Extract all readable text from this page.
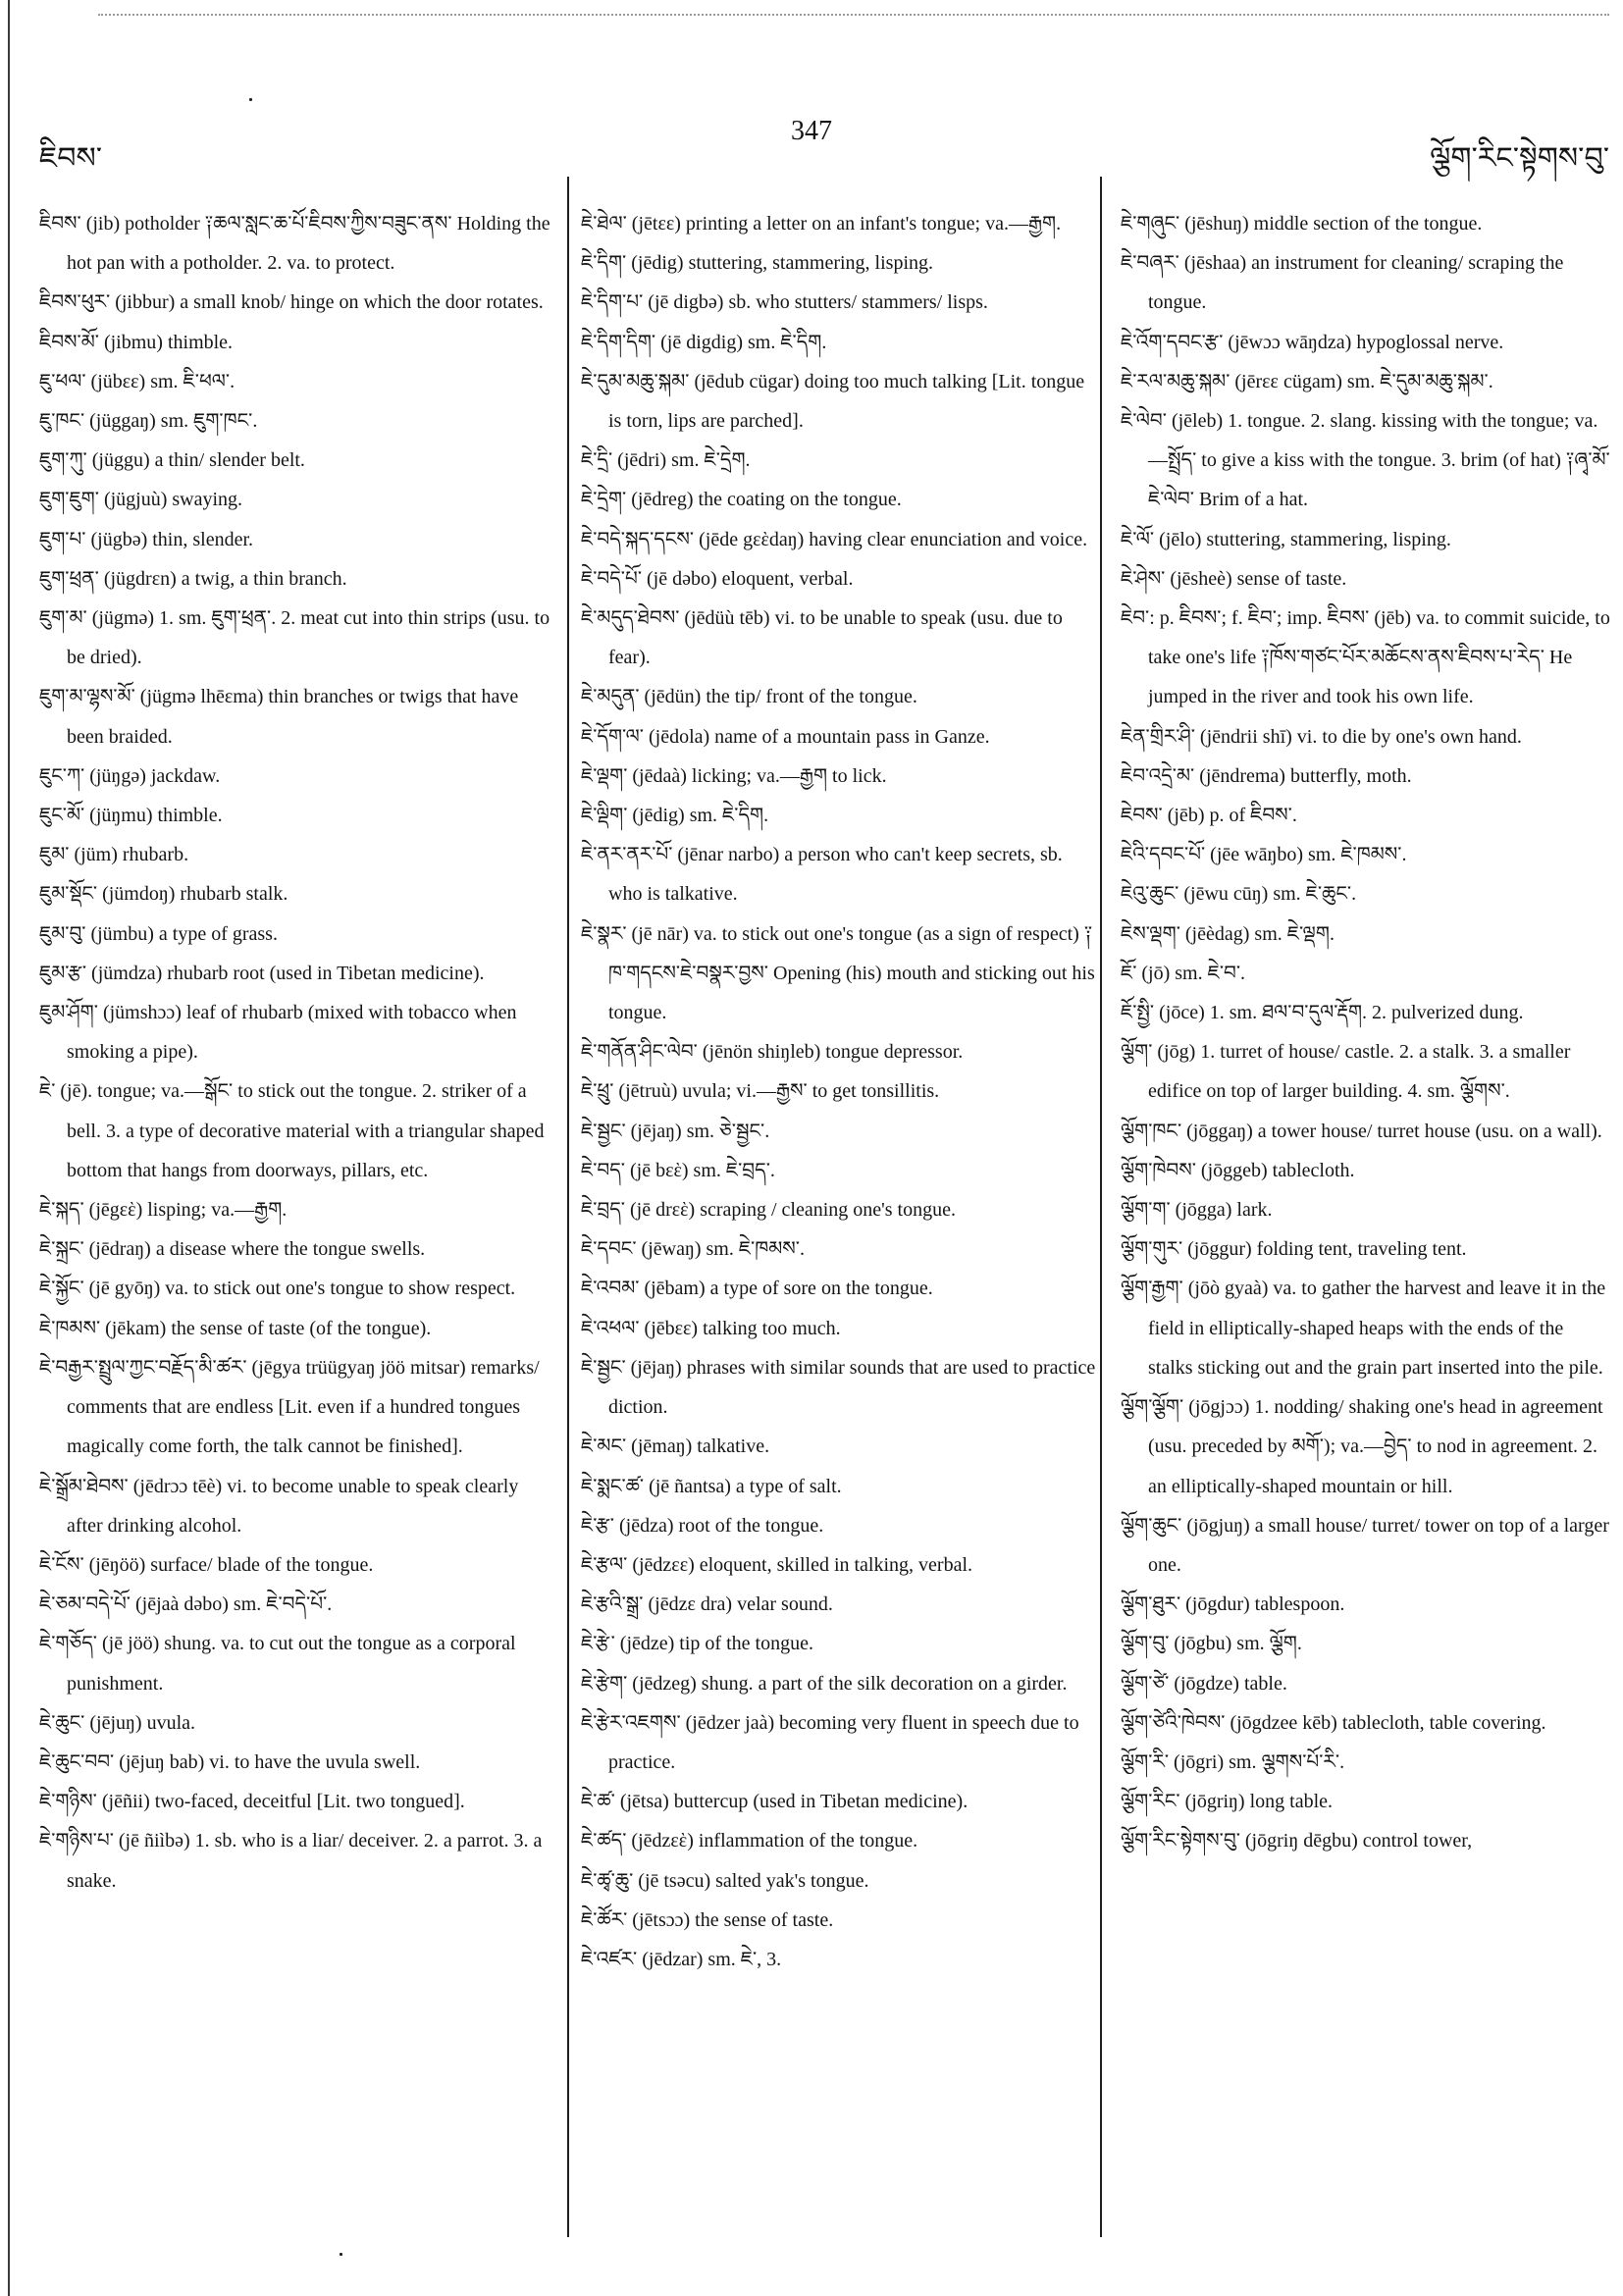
ཇིབས་
347
ལྕོག་རིང་སྟེགས་བུ་

ཇིབས་ (jib) potholder ༑ཆལ་སླང་ཆ་པོ་ཇིབས་ཀྱིས་བཟུང་ནས་ Holding the hot pan with a potholder. 2. va. to protect.

ཇིབས་ཕུར་ (jibbur) a small knob/ hinge on which the door rotates.

ཇིབས་མོ་ (jibmu) thimble.

ཇུ་ཕལ་ (jübεε) sm. ཇི་ཕལ་.

ཇུ་ཁང་ (jüggaŋ) sm. ཇུག་ཁང་.

ཇུག་ཀུ་ (jüggu) a thin/ slender belt.

ཇུག་ཇུག་ (jügjuù) swaying.

ཇུག་པ་ (jügbə) thin, slender.

ཇུག་ཕྲན་ (jügdrεn) a twig, a thin branch.

ཇུག་མ་ (jügmə) 1. sm. ཇུག་ཕྲན་. 2. meat cut into thin strips (usu. to be dried).

ཇུག་མ་ལྷས་མོ་ (jügmə lhēεma) thin branches or twigs that have been braided.

ཇུང་ཀ་ (jüŋgə) jackdaw.

ཇུང་མོ་ (jüŋmu) thimble.

ཇུམ་ (jüm) rhubarb.

ཇུམ་སྡོང་ (jümdoŋ) rhubarb stalk.

ཇུམ་བུ་ (jümbu) a type of grass.

ཇུམ་རྩ་ (jümdza) rhubarb root (used in Tibetan medicine).

ཇུམ་ཤོག་ (jümshɔɔ) leaf of rhubarb (mixed with tobacco when smoking a pipe).

ཇེ་ (jē). tongue; va.—སྒོང་ to stick out the tongue. 2. striker of a bell. 3. a type of decorative material with a triangular shaped bottom that hangs from doorways, pillars, etc.

ཇེ་སྐད་ (jēgεὲ) lisping; va.—རྒྱག.

ཇེ་སྐྲང་ (jēdraŋ) a disease where the tongue swells.

ཇེ་སྐྱོང་ (jē gyōŋ) va. to stick out one's tongue to show respect.

ཇེ་ཁམས་ (jēkam) the sense of taste (of the tongue).

ཇེ་བརྒྱར་སྤྲུལ་ཀྱང་བརྗོད་མི་ཚར་ (jēgya trüügyaŋ jöö mitsar) remarks/ comments that are endless [Lit. even if a hundred tongues magically come forth, the talk cannot be finished].

ཇེ་སྒྲོམ་ཐེབས་ (jēdrɔɔ tēè) vi. to become unable to speak clearly after drinking alcohol.

ཇེ་ངོས་ (jēŋöö) surface/ blade of the tongue.

ཇེ་ཅམ་བདེ་པོ་ (jējaà dəbo) sm. ཇེ་བདེ་པོ་.

ཇེ་གཅོད་ (jē jöö) shung. va. to cut out the tongue as a corporal punishment.

ཇེ་ཆུང་ (jējuŋ) uvula.

ཇེ་ཆུང་བབ་ (jējuŋ bab) vi. to have the uvula swell.

ཇེ་གཉིས་ (jēñii) two-faced, deceitful [Lit. two tongued].

ཇེ་གཉིས་པ་ (jē ñiìbə) 1. sb. who is a liar/ deceiver. 2. a parrot. 3. a snake.

ཇེ་ཐེལ་ (jētεε) printing a letter on an infant's tongue; va.—རྒྱག.

ཇེ་དིག་ (jēdig) stuttering, stammering, lisping.

ཇེ་དིག་པ་ (jē digbə) sb. who stutters/ stammers/ lisps.

ཇེ་དིག་དིག་ (jē digdig) sm. ཇེ་དིག.

ཇེ་དུམ་མཆུ་སྐམ་ (jēdub cügar) doing too much talking [Lit. tongue is torn, lips are parched].

ཇེ་དྲི་ (jēdri) sm. ཇེ་དྲེག.

ཇེ་དྲེག་ (jēdreg) the coating on the tongue.

ཇེ་བདེ་སྐད་དངས་ (jēde gεὲdaŋ) having clear enunciation and voice.

ཇེ་བདེ་པོ་ (jē dəbo) eloquent, verbal.

ཇེ་མདུད་ཐེབས་ (jēdüù tēb) vi. to be unable to speak (usu. due to fear).

ཇེ་མདུན་ (jēdün) the tip/ front of the tongue.

ཇེ་དོག་ལ་ (jēdola) name of a mountain pass in Ganze.

ཇེ་ལྡག་ (jēdaà) licking; va.—རྒྱག to lick.

ཇེ་ལྡིག་ (jēdig) sm. ཇེ་དིག.

ཇེ་ནར་ནར་པོ་ (jēnar narbo) a person who can't keep secrets, sb. who is talkative.

ཇེ་སྣར་ (jē nār) va. to stick out one's tongue (as a sign of respect) ༑ཁ་གདངས་ཇེ་བསྣར་བྱས་ Opening (his) mouth and sticking out his tongue.

ཇེ་གནོན་ཤིང་ལེབ་ (jēnön shiŋleb) tongue depressor.

ཇེ་ཕྲུ་ (jētruù) uvula; vi.—རྒྱས་ to get tonsillitis.

ཇེ་སྦྱང་ (jējaŋ) sm. ཅེ་སྦྱང་.

ཇེ་བད་ (jē bεὲ) sm. ཇེ་བྲད་.

ཇེ་བྲད་ (jē drεὲ) scraping / cleaning one's tongue.

ཇེ་དབང་ (jēwaŋ) sm. ཇེ་ཁམས་.

ཇེ་འབམ་ (jēbam) a type of sore on the tongue.

ཇེ་འཕལ་ (jēbεε) talking too much.

ཇེ་སྦྱང་ (jējaŋ) phrases with similar sounds that are used to practice diction.

ཇེ་མང་ (jēmaŋ) talkative.

ཇེ་སྨང་ཚ་ (jē ñantsa) a type of salt.

ཇེ་རྩ་ (jēdza) root of the tongue.

ཇེ་རྩལ་ (jēdzεε) eloquent, skilled in talking, verbal.

ཇེ་རྩའི་སྒྲ་ (jēdzε dra) velar sound.

ཇེ་རྩེ་ (jēdze) tip of the tongue.

ཇེ་རྩེག་ (jēdzeg) shung. a part of the silk decoration on a girder.

ཇེ་རྩེར་འཇགས་ (jēdzer jaà) becoming very fluent in speech due to practice.

ཇེ་ཚ་ (jētsa) buttercup (used in Tibetan medicine).

ཇེ་ཚད་ (jēdzεὲ) inflammation of the tongue.

ཇེ་ཚྭ་ཆུ་ (jē tsəcu) salted yak's tongue.

ཇེ་ཚོར་ (jētsɔɔ) the sense of taste.

ཇེ་འཛར་ (jēdzar) sm. ཇེ་, 3.

ཇེ་གཞུང་ (jēshuŋ) middle section of the tongue.

ཇེ་བཞར་ (jēshaa) an instrument for cleaning/ scraping the tongue.

ཇེ་འོག་དབང་རྩ་ (jēwɔɔ wāŋdza) hypoglossal nerve.

ཇེ་རལ་མཆུ་སྐམ་ (jērεε cügam) sm. ཇེ་དུམ་མཆུ་སྐམ་.

ཇེ་ལེབ་ (jēleb) 1. tongue. 2. slang. kissing with the tongue; va.—སྤྲོད་ to give a kiss with the tongue. 3. brim (of hat) ༑ཞྭ་མོ་ཇེ་ལེབ་ Brim of a hat.

ཇེ་ལོ་ (jēlo) stuttering, stammering, lisping.

ཇེ་ཤེས་ (jēsheè) sense of taste.

ཇེབ་: p. ཇིབས་; f. ཇིབ་; imp. ཇིབས་ (jēb) va. to commit suicide, to take one's life ༑ཁོས་གཙང་པོར་མཆོངས་ནས་ཇིབས་པ་རེད་ He jumped in the river and took his own life.

ཇེན་གྲིར་ཤི་ (jēndrii shī) vi. to die by one's own hand.

ཇེབ་འདྲེ་མ་ (jēndrema) butterfly, moth.

ཇེབས་ (jēb) p. of ཇིབས་.

ཇེའི་དབང་པོ་ (jēe wāŋbo) sm. ཇེ་ཁམས་.

ཇེའུ་ཆུང་ (jēwu cūŋ) sm. ཇེ་ཆུང་.

ཇེས་ལྡག་ (jēèdag) sm. ཇེ་ལྡག.

ཇོ་ (jō) sm. ཇེ་བ་.

ཇོ་སྤྱི་ (jōce) 1. sm. ཐལ་བ་དུལ་རྡོག. 2. pulverized dung.

ལྕོག་ (jōg) 1. turret of house/ castle. 2. a stalk. 3. a smaller edifice on top of larger building. 4. sm. ལྕོགས་.

ལྕོག་ཁང་ (jōggaŋ) a tower house/ turret house (usu. on a wall).

ལྕོག་ཁེབས་ (jōggeb) tablecloth.

ལྕོག་ག་ (jōgga) lark.

ལྕོག་གུར་ (jōggur) folding tent, traveling tent.

ལྕོག་རྒྱག་ (jōò gyaà) va. to gather the harvest and leave it in the field in elliptically-shaped heaps with the ends of the stalks sticking out and the grain part inserted into the pile.

ལྕོག་ལྕོག་ (jōgjɔɔ) 1. nodding/ shaking one's head in agreement (usu. preceded by མགོ་); va.—བྱེད་ to nod in agreement. 2. an elliptically-shaped mountain or hill.

ལྕོག་ཆུང་ (jōgjuŋ) a small house/ turret/ tower on top of a larger one.

ལྕོག་ཐུར་ (jōgdur) tablespoon.

ལྕོག་བུ་ (jōgbu) sm. ལྕོག.

ལྕོག་ཙེ་ (jōgdze) table.

ལྕོག་ཙེའི་ཁེབས་ (jōgdzee kēb) tablecloth, table covering.

ལྕོག་རི་ (jōgri) sm. ལྕགས་པོ་རི་.

ལྕོག་རིང་ (jōgriŋ) long table.

ལྕོག་རིང་སྟེགས་བུ་ (jōgriŋ dēgbu) control tower,
